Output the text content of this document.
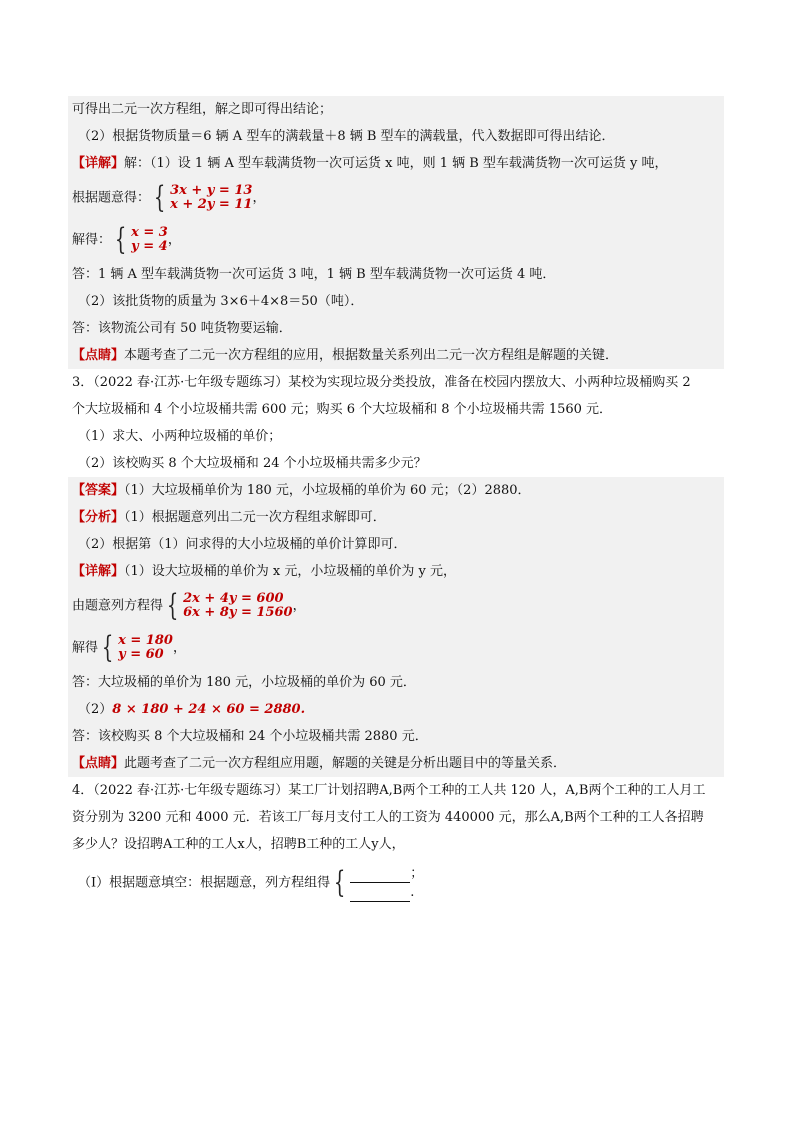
可得出二元一次方程组，解之即可得出结论；
（2）根据货物质量＝6 辆 A 型车的满载量＋8 辆 B 型车的满载量，代入数据即可得出结论．
【详解】解：（1）设 1 辆 A 型车载满货物一次可运货 x 吨，则 1 辆 B 型车载满货物一次可运货 y 吨，
根据题意得： { 3x + y = 13
x + 2y = 11 ，
解得： { x = 3
y = 4 ，
答：1 辆 A 型车载满货物一次可运货 3 吨，1 辆 B 型车载满货物一次可运货 4 吨．
（2）该批货物的质量为 3×6＋4×8＝50（吨）．
答：该物流公司有 50 吨货物要运输．
【点睛】本题考查了二元一次方程组的应用，根据数量关系列出二元一次方程组是解题的关键．
3．（2022 春·江苏·七年级专题练习）某校为实现垃圾分类投放，准备在校园内摆放大、小两种垃圾桶购买 2
个大垃圾桶和 4 个小垃圾桶共需 600 元；购买 6 个大垃圾桶和 8 个小垃圾桶共需 1560 元．
（1）求大、小两种垃圾桶的单价；
（2）该校购买 8 个大垃圾桶和 24 个小垃圾桶共需多少元？
【答案】（1）大垃圾桶单价为 180 元，小垃圾桶的单价为 60 元；（2）2880．
【分析】（1）根据题意列出二元一次方程组求解即可．
（2）根据第（1）问求得的大小垃圾桶的单价计算即可．
【详解】（1）设大垃圾桶的单价为 x 元，小垃圾桶的单价为 y 元，
由题意列方程得 { 2x + 4y = 600
6x + 8y = 1560 ，
解得 { x = 180
y = 60 ，
答：大垃圾桶的单价为 180 元，小垃圾桶的单价为 60 元．
（2）8 × 180 + 24 × 60 = 2880.
答：该校购买 8 个大垃圾桶和 24 个小垃圾桶共需 2880 元．
【点睛】此题考查了二元一次方程组应用题，解题的关键是分析出题目中的等量关系．
4．（2022 春·江苏·七年级专题练习）某工厂计划招聘A,B两个工种的工人共 120 人，A,B两个工种的工人月工
资分别为 3200 元和 4000 元．若该工厂每月支付工人的工资为 440000 元，那么A,B两个工种的工人各招聘
多少人？设招聘A工种的工人x人，招聘B工种的工人y人，
（Ⅰ）根据题意填空：根据题意，列方程组得 {	；
.
